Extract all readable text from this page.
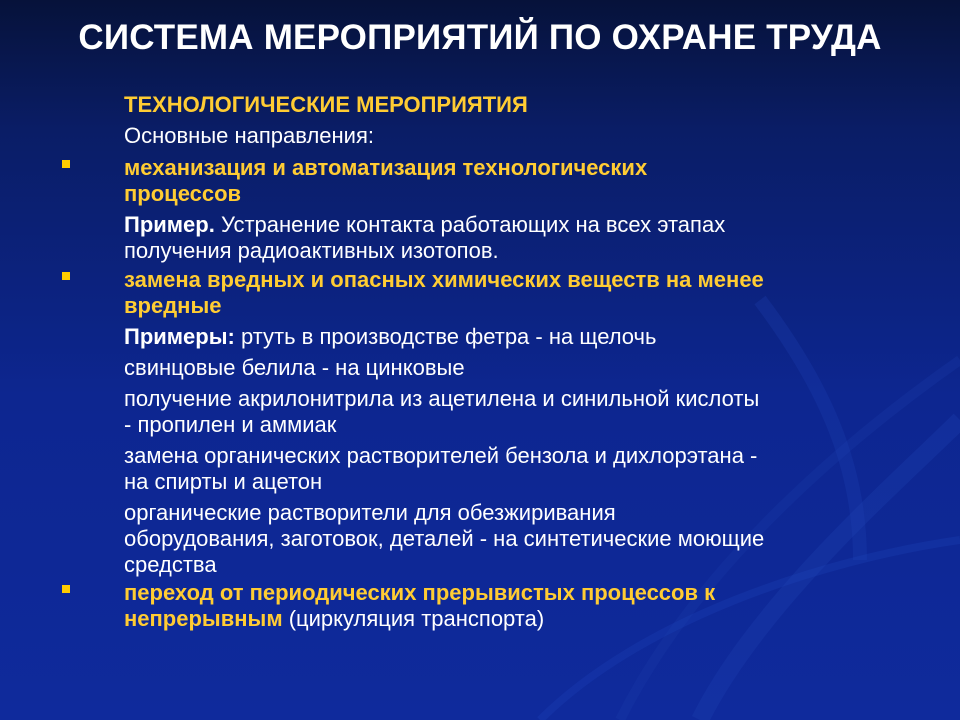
СИСТЕМА МЕРОПРИЯТИЙ ПО ОХРАНЕ ТРУДА
ТЕХНОЛОГИЧЕСКИЕ МЕРОПРИЯТИЯ
Основные направления:
механизация и автоматизация технологических
процессов
Пример. Устранение контакта работающих на всех этапах
получения радиоактивных изотопов.
замена вредных и опасных химических веществ на менее
вредные
Примеры: ртуть в производстве фетра - на щелочь
свинцовые белила - на цинковые
получение акрилонитрила из ацетилена и синильной кислоты
- пропилен и аммиак
замена органических растворителей бензола и дихлорэтана -
на спирты и ацетон
органические растворители для обезжиривания
оборудования, заготовок, деталей - на синтетические моющие
средства
переход от периодических прерывистых процессов к
непрерывным (циркуляция транспорта)
